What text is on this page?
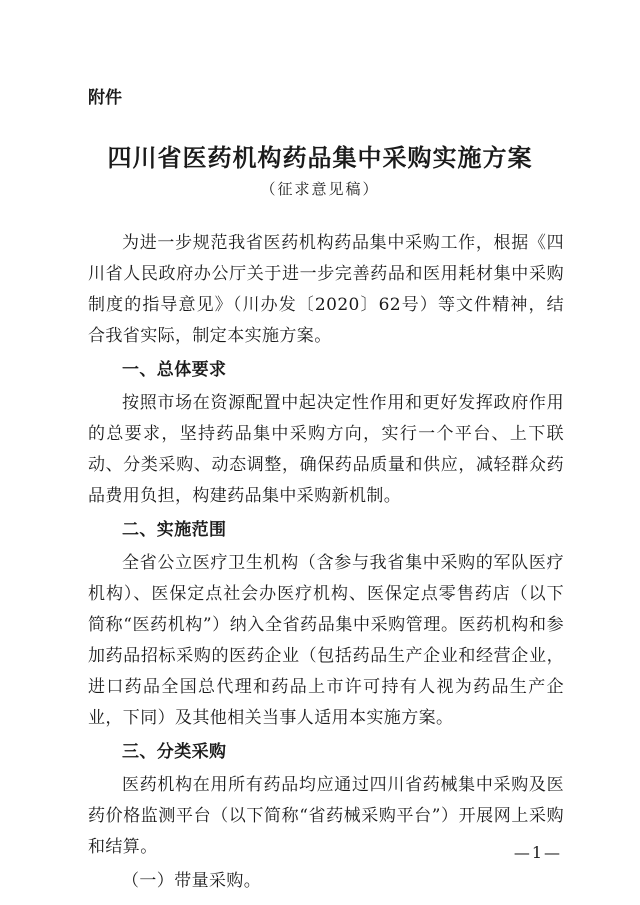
附件
四川省医药机构药品集中采购实施方案
（征求意见稿）

为进一步规范我省医药机构药品集中采购工作，根据《四川省人民政府办公厅关于进一步完善药品和医用耗材集中采购制度的指导意见》（川办发〔2020〕62号）等文件精神，结合我省实际，制定本实施方案。

一、总体要求

按照市场在资源配置中起决定性作用和更好发挥政府作用的总要求，坚持药品集中采购方向，实行一个平台、上下联动、分类采购、动态调整，确保药品质量和供应，减轻群众药品费用负担，构建药品集中采购新机制。

二、实施范围

全省公立医疗卫生机构（含参与我省集中采购的军队医疗机构）、医保定点社会办医疗机构、医保定点零售药店（以下简称“医药机构”）纳入全省药品集中采购管理。医药机构和参加药品招标采购的医药企业（包括药品生产企业和经营企业，进口药品全国总代理和药品上市许可持有人视为药品生产企业，下同）及其他相关当事人适用本实施方案。

三、分类采购

医药机构在用所有药品均应通过四川省药械集中采购及医药价格监测平台（以下简称“省药械采购平台”）开展网上采购和结算。

（一）带量采购。

—1—
